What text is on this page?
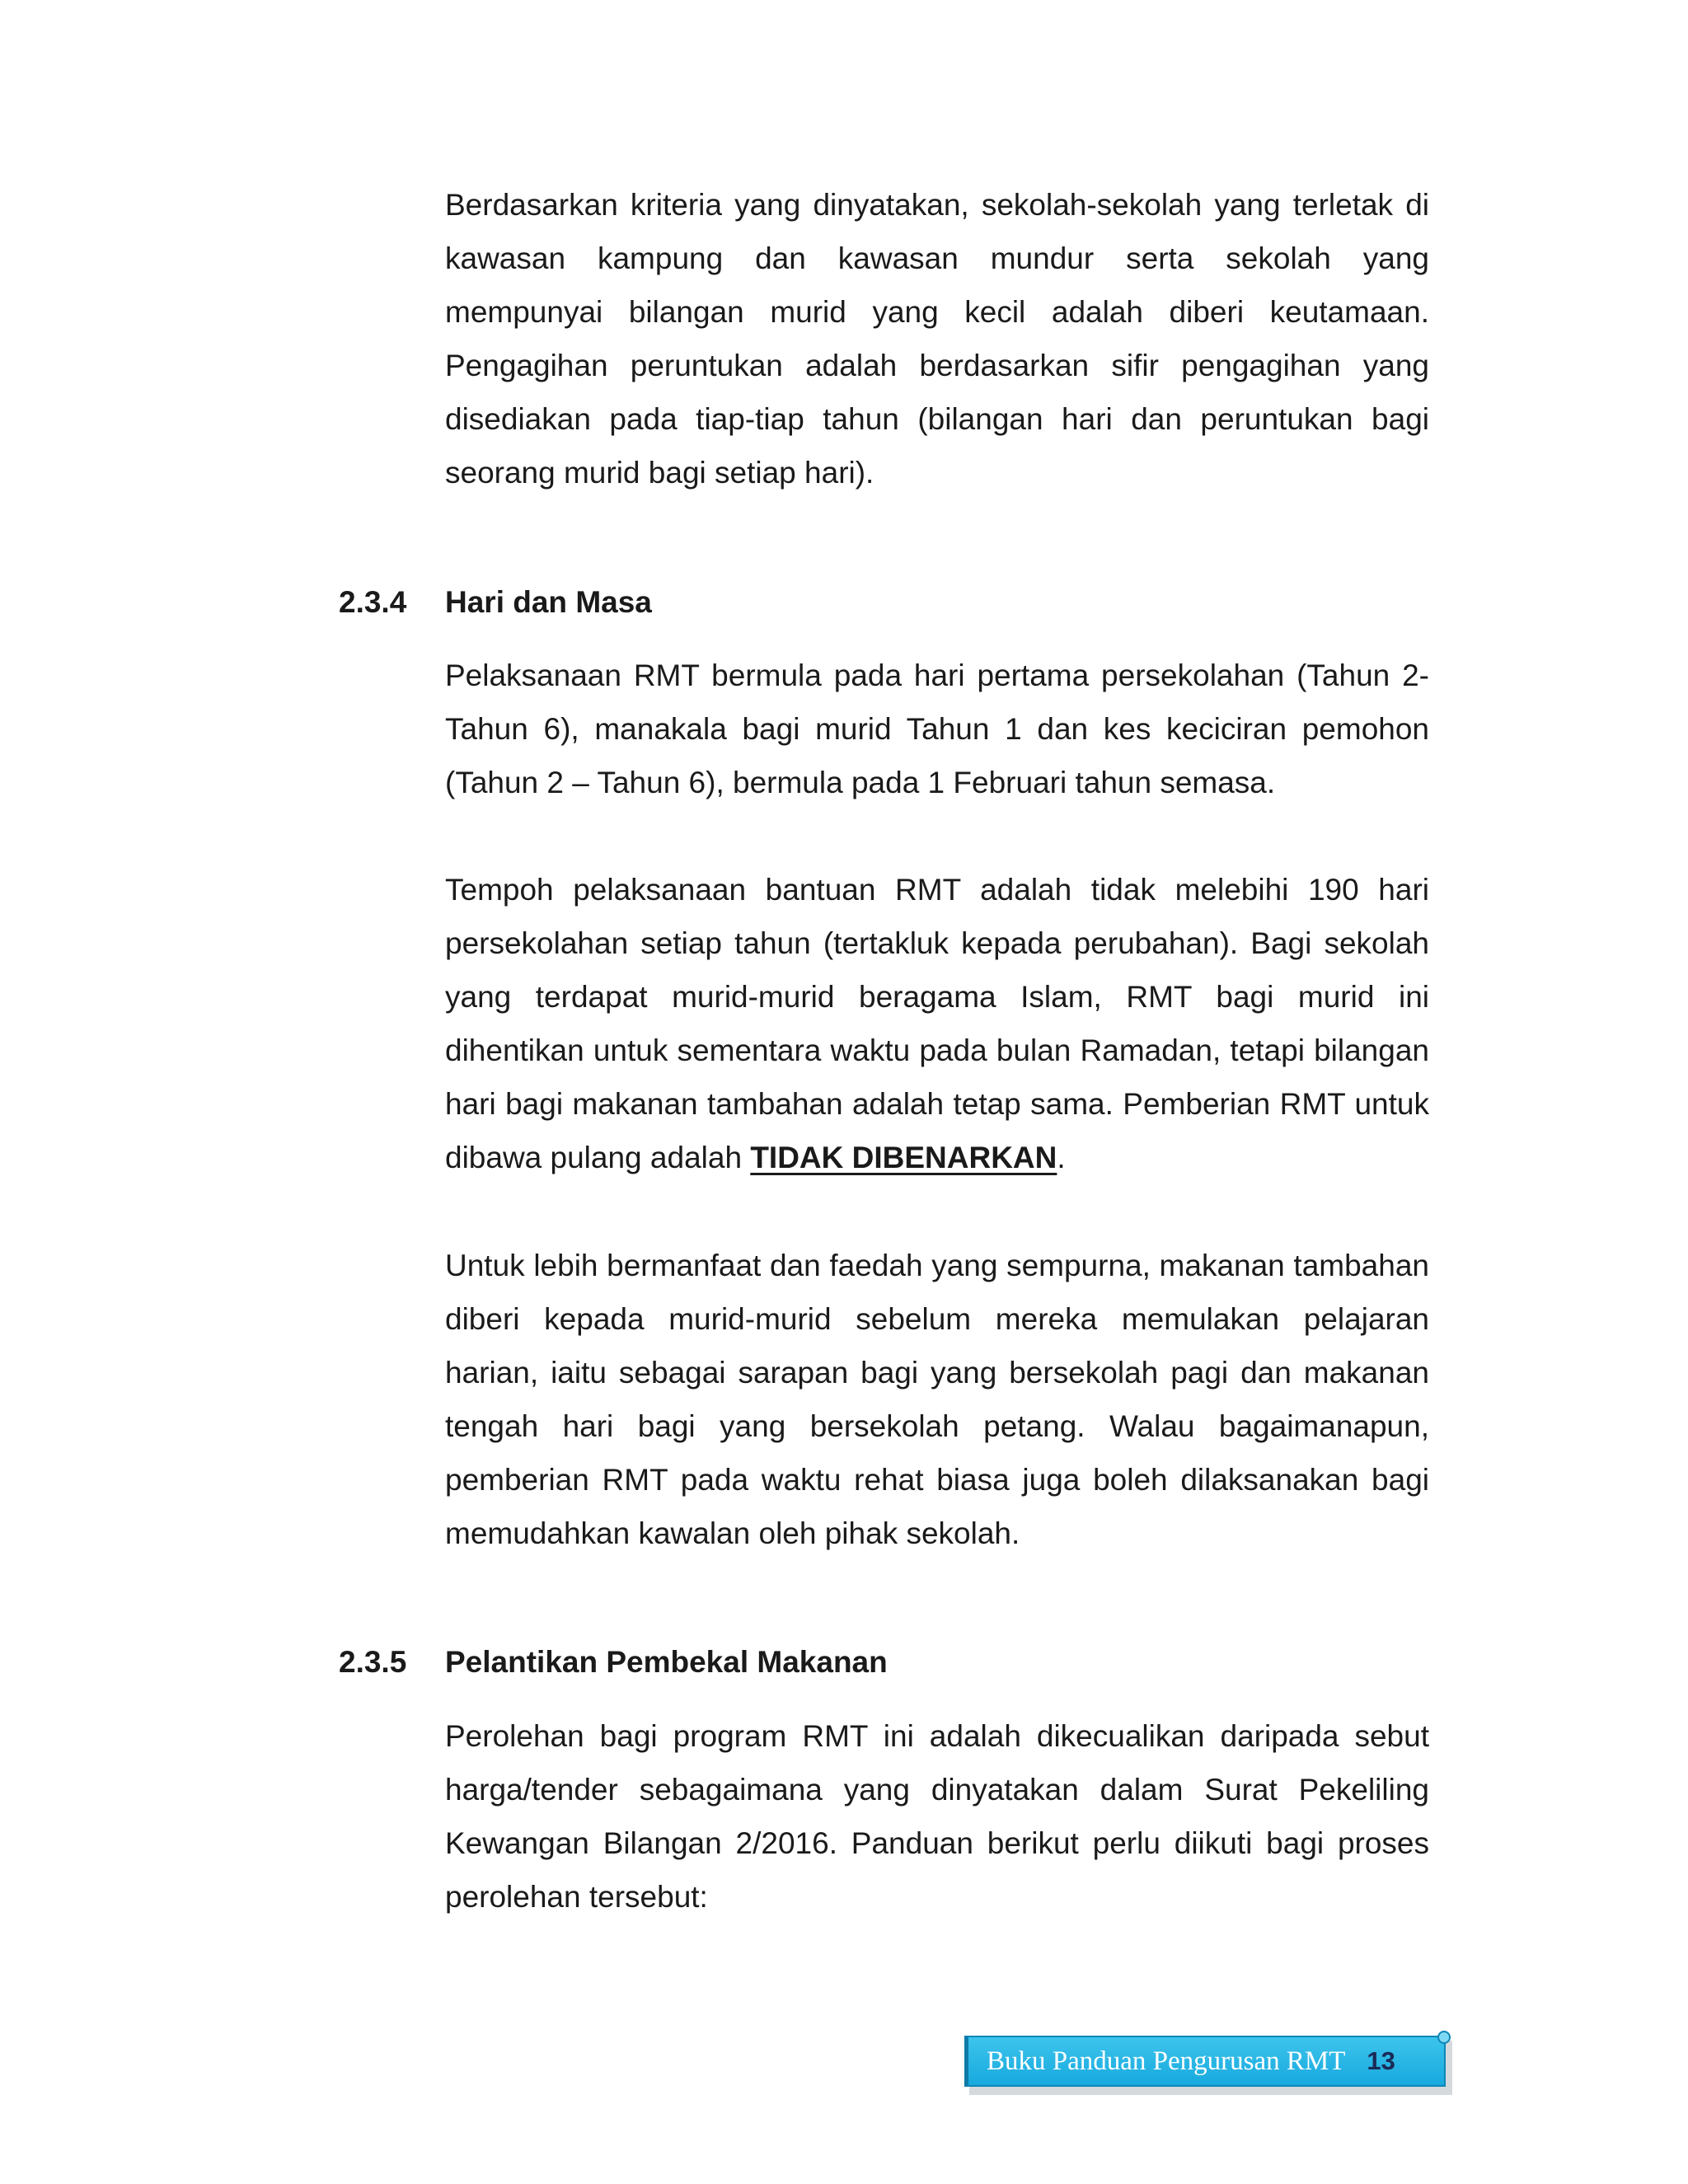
Berdasarkan kriteria yang dinyatakan, sekolah-sekolah yang terletak di kawasan kampung dan kawasan mundur serta sekolah yang mempunyai bilangan murid yang kecil adalah diberi keutamaan. Pengagihan peruntukan adalah berdasarkan sifir pengagihan yang disediakan pada tiap-tiap tahun (bilangan hari dan peruntukan bagi seorang murid bagi setiap hari).

2.3.4 Hari dan Masa

Pelaksanaan RMT bermula pada hari pertama persekolahan (Tahun 2- Tahun 6), manakala bagi murid Tahun 1 dan kes keciciran pemohon (Tahun 2 – Tahun 6), bermula pada 1 Februari tahun semasa.

Tempoh pelaksanaan bantuan RMT adalah tidak melebihi 190 hari persekolahan setiap tahun (tertakluk kepada perubahan). Bagi sekolah yang terdapat murid-murid beragama Islam, RMT bagi murid ini dihentikan untuk sementara waktu pada bulan Ramadan, tetapi bilangan hari bagi makanan tambahan adalah tetap sama. Pemberian RMT untuk dibawa pulang adalah TIDAK DIBENARKAN.

Untuk lebih bermanfaat dan faedah yang sempurna, makanan tambahan diberi kepada murid-murid sebelum mereka memulakan pelajaran harian, iaitu sebagai sarapan bagi yang bersekolah pagi dan makanan tengah hari bagi yang bersekolah petang. Walau bagaimanapun, pemberian RMT pada waktu rehat biasa juga boleh dilaksanakan bagi memudahkan kawalan oleh pihak sekolah.

2.3.5 Pelantikan Pembekal Makanan

Perolehan bagi program RMT ini adalah dikecualikan daripada sebut harga/tender sebagaimana yang dinyatakan dalam Surat Pekeliling Kewangan Bilangan 2/2016. Panduan berikut perlu diikuti bagi proses perolehan tersebut:

Buku Panduan Pengurusan RMT 13
